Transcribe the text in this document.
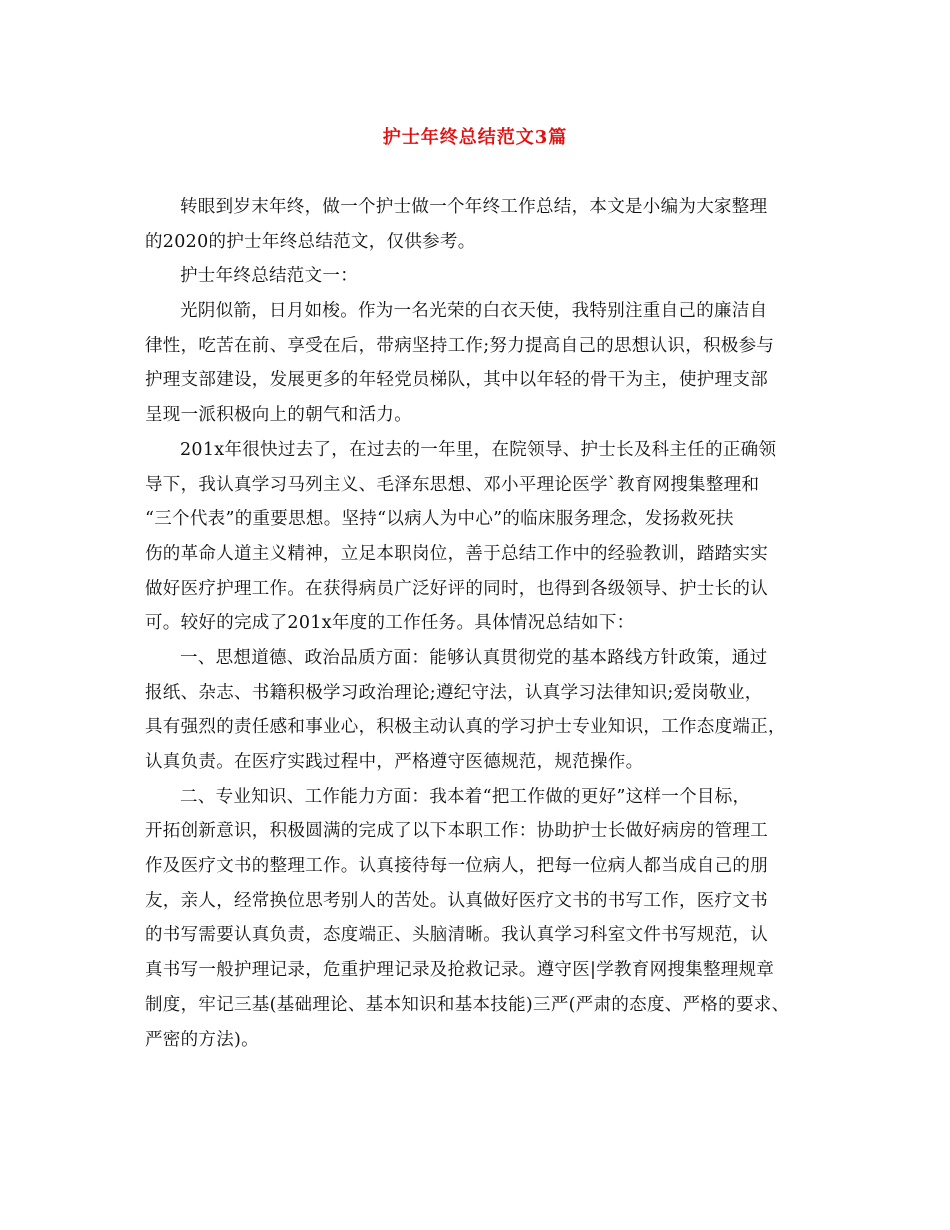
护士年终总结范文3篇
转眼到岁末年终，做一个护士做一个年终工作总结，本文是小编为大家整理
的2020的护士年终总结范文，仅供参考。
护士年终总结范文一：
光阴似箭，日月如梭。作为一名光荣的白衣天使，我特别注重自己的廉洁自
律性，吃苦在前、享受在后，带病坚持工作;努力提高自己的思想认识，积极参与
护理支部建设，发展更多的年轻党员梯队，其中以年轻的骨干为主，使护理支部
呈现一派积极向上的朝气和活力。
201x年很快过去了，在过去的一年里，在院领导、护士长及科主任的正确领
导下，我认真学习马列主义、毛泽东思想、邓小平理论医学`教育网搜集整理和
“三个代表”的重要思想。坚持“以病人为中心”的临床服务理念，发扬救死扶
伤的革命人道主义精神，立足本职岗位，善于总结工作中的经验教训，踏踏实实
做好医疗护理工作。在获得病员广泛好评的同时，也得到各级领导、护士长的认
可。较好的完成了201x年度的工作任务。具体情况总结如下：
一、思想道德、政治品质方面：能够认真贯彻党的基本路线方针政策，通过
报纸、杂志、书籍积极学习政治理论;遵纪守法，认真学习法律知识;爱岗敬业，
具有强烈的责任感和事业心，积极主动认真的学习护士专业知识，工作态度端正，
认真负责。在医疗实践过程中，严格遵守医德规范，规范操作。
二、专业知识、工作能力方面：我本着“把工作做的更好”这样一个目标，
开拓创新意识，积极圆满的完成了以下本职工作：协助护士长做好病房的管理工
作及医疗文书的整理工作。认真接待每一位病人，把每一位病人都当成自己的朋
友，亲人，经常换位思考别人的苦处。认真做好医疗文书的书写工作，医疗文书
的书写需要认真负责，态度端正、头脑清晰。我认真学习科室文件书写规范，认
真书写一般护理记录，危重护理记录及抢救记录。遵守医|学教育网搜集整理规章
制度，牢记三基(基础理论、基本知识和基本技能)三严(严肃的态度、严格的要求、
严密的方法)。
